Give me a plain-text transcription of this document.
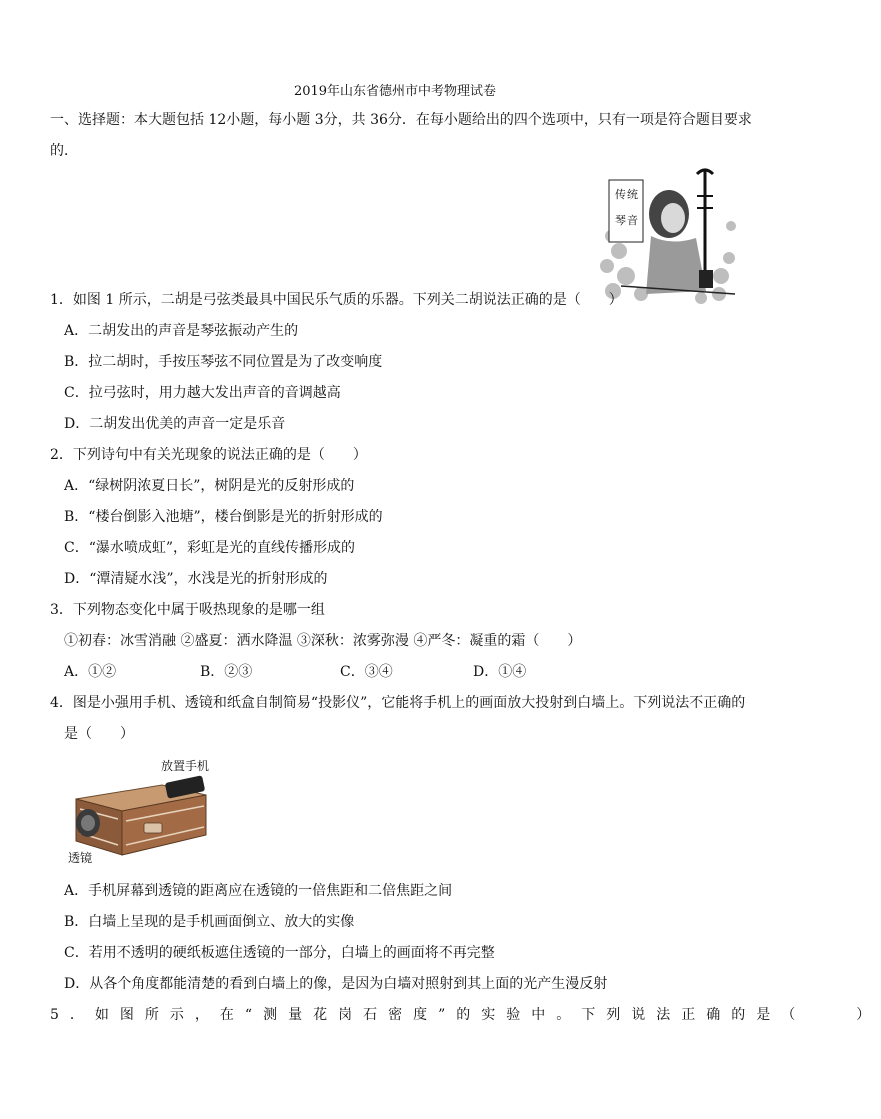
2019年山东省德州市中考物理试卷
一、选择题：本大题包括 12小题，每小题 3分，共 36分．在每小题给出的四个选项中，只有一项是符合题目要求
的．
传 统
琴 音
1．如图 1 所示，二胡是弓弦类最具中国民乐气质的乐器。下列关二胡说法正确的是（　　）
A．二胡发出的声音是琴弦振动产生的
B．拉二胡时，手按压琴弦不同位置是为了改变响度
C．拉弓弦时，用力越大发出声音的音调越高
D．二胡发出优美的声音一定是乐音
2．下列诗句中有关光现象的说法正确的是（　　）
A．“绿树阴浓夏日长”，树阴是光的反射形成的
B．“楼台倒影入池塘”，楼台倒影是光的折射形成的
C．“瀑水喷成虹”，彩虹是光的直线传播形成的
D．“潭清疑水浅”，水浅是光的折射形成的
3．下列物态变化中属于吸热现象的是哪一组
①初春：冰雪消融 ②盛夏：洒水降温 ③深秋：浓雾弥漫 ④严冬：凝重的霜（　　）
A．①②	B．②③	C．③④	D．①④
4．图是小强用手机、透镜和纸盒自制简易“投影仪”，它能将手机上的画面放大投射到白墙上。下列说法不正确的
是（　　）
放置手机
透镜
A．手机屏幕到透镜的距离应在透镜的一倍焦距和二倍焦距之间
B．白墙上呈现的是手机画面倒立、放大的实像
C．若用不透明的硬纸板遮住透镜的一部分，白墙上的画面将不再完整
D．从各个角度都能清楚的看到白墙上的像，是因为白墙对照射到其上面的光产生漫反射
5．如图所示，在“测量花岗石密度”的实验中。下列说法正确的是（　　）
